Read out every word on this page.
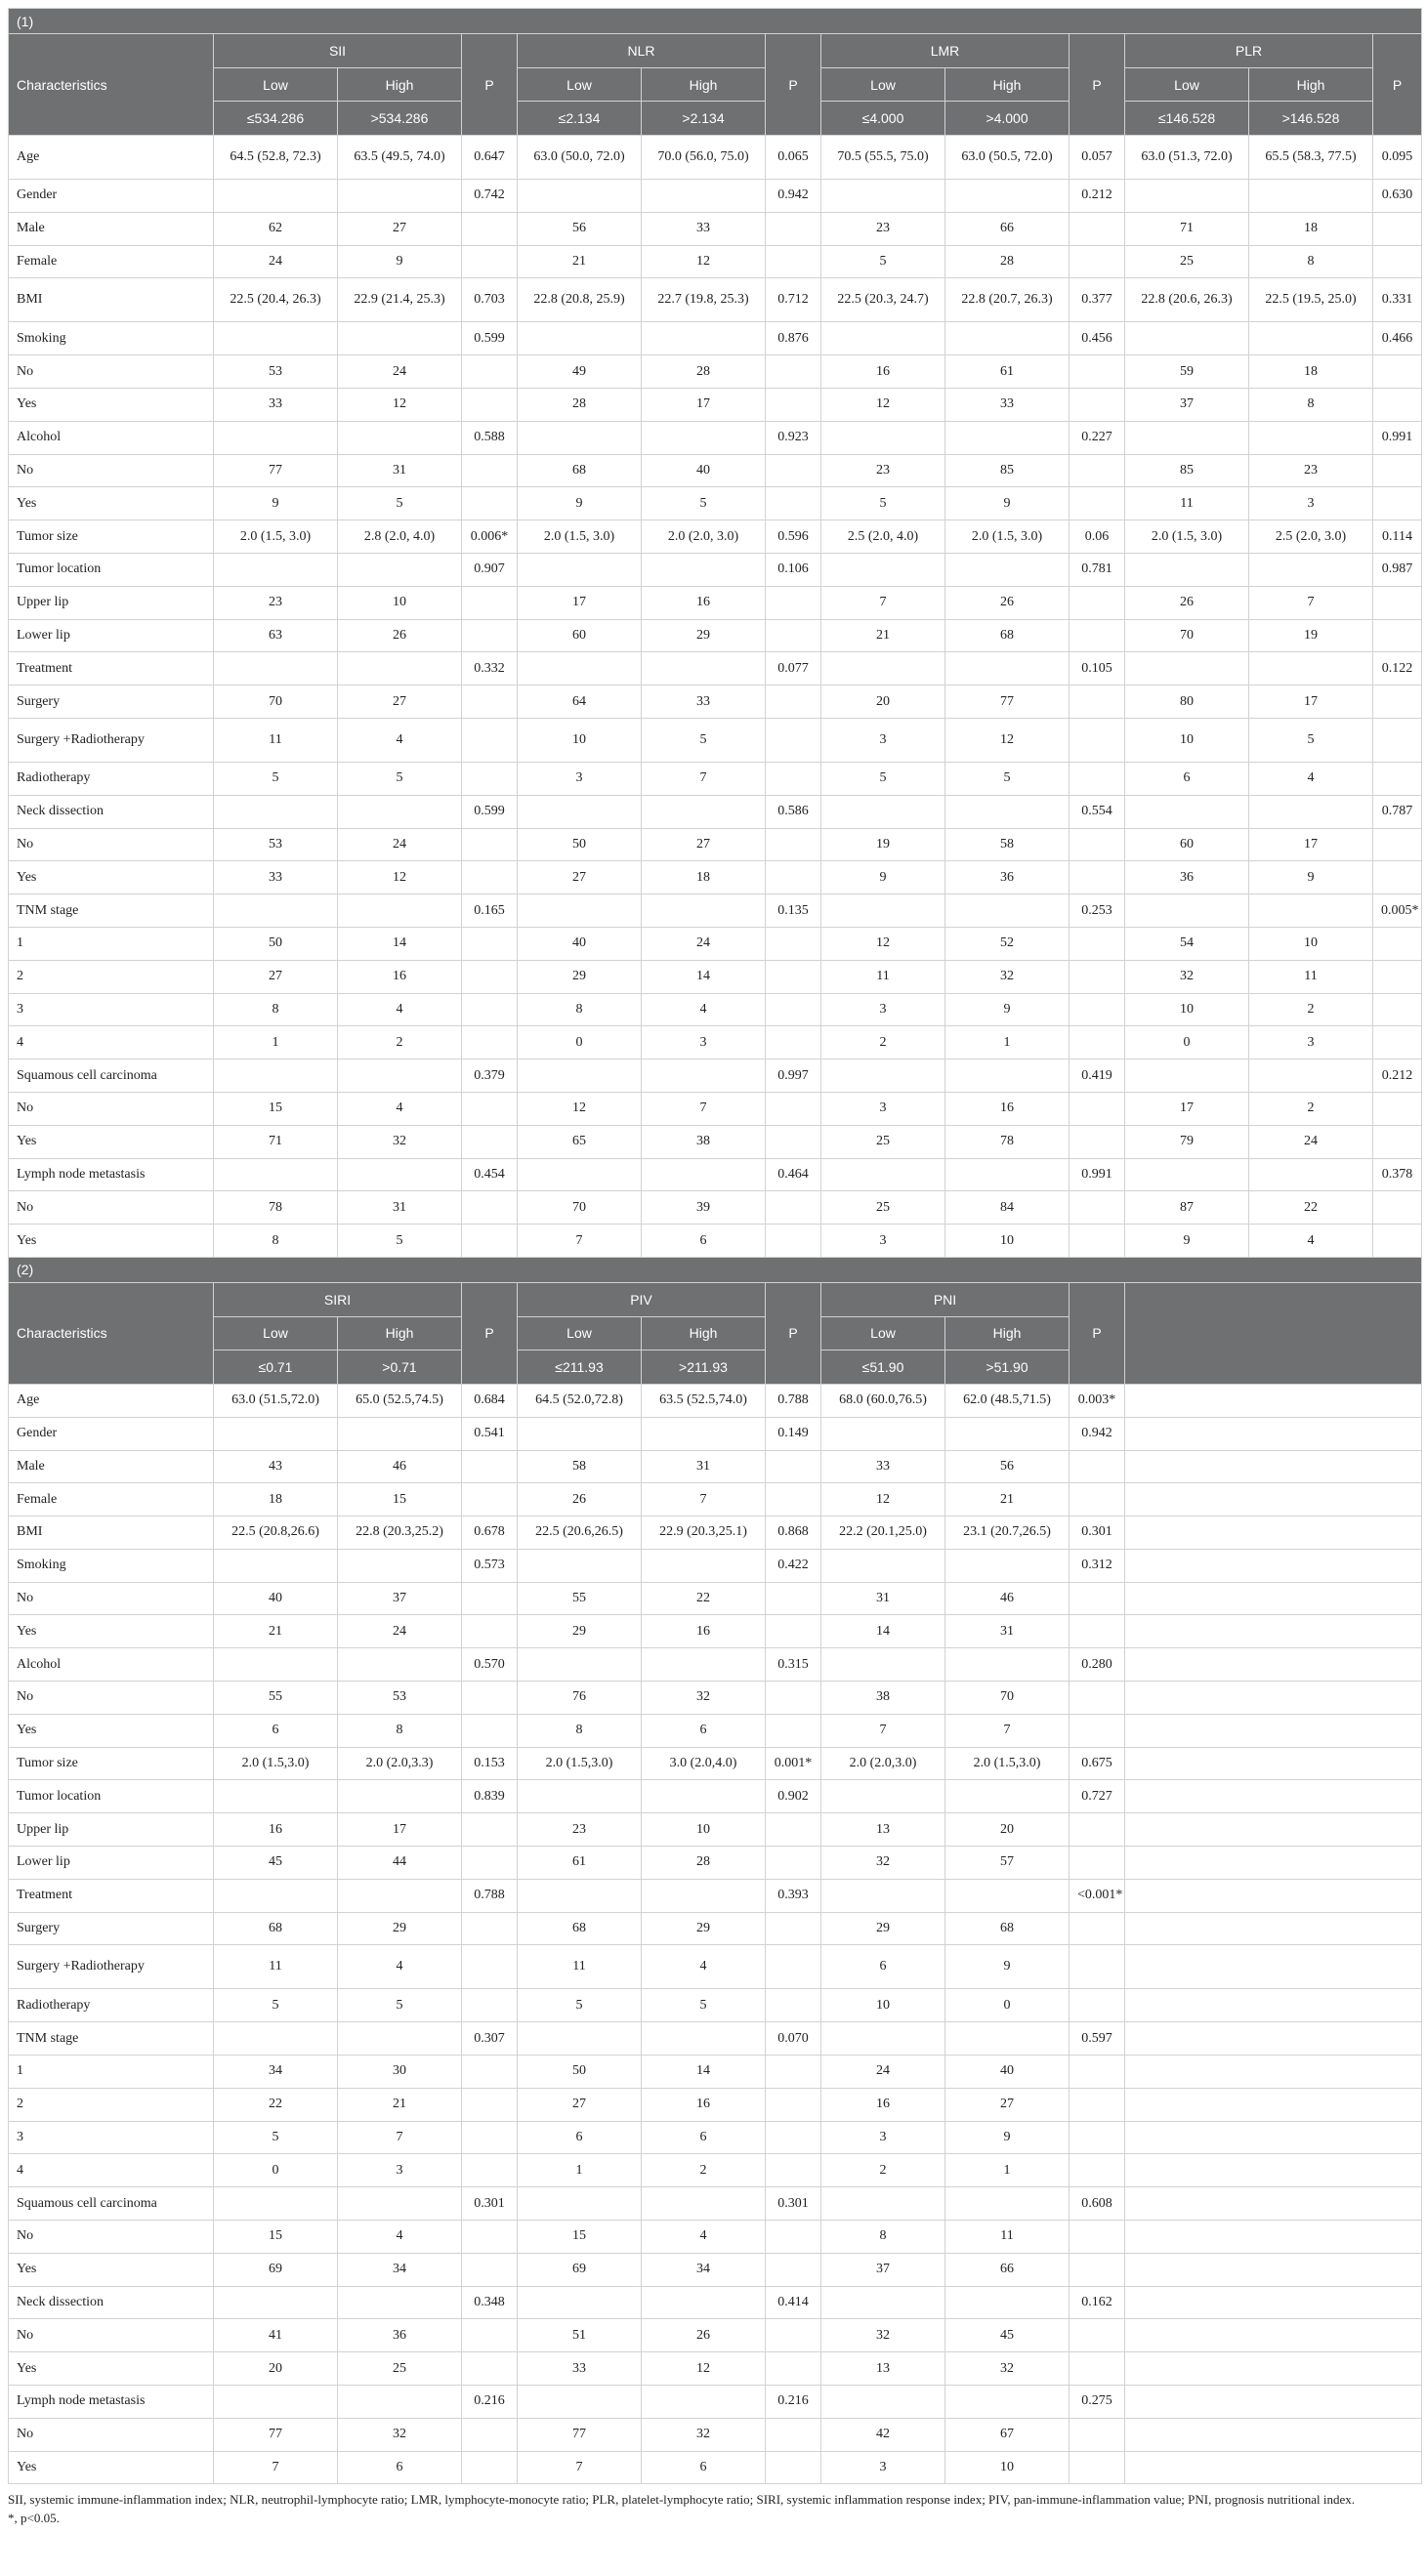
(1)												
Characteristics	SII		P	NLR		P	LMR		P	PLR		P
	Low	High		Low	High		Low	High		Low	High	
	≤534.286	>534.286		≤2.134	>2.134		≤4.000	>4.000		≤146.528	>146.528	
Age	64.5 (52.8, 72.3)	63.5 (49.5, 74.0)	0.647	63.0 (50.0, 72.0)	70.0 (56.0, 75.0)	0.065	70.5 (55.5, 75.0)	63.0 (50.5, 72.0)	0.057	63.0 (51.3, 72.0)	65.5 (58.3, 77.5)	0.095
Gender			0.742			0.942			0.212			0.630
Male	62	27		56	33		23	66		71	18	
Female	24	9		21	12		5	28		25	8	
BMI	22.5 (20.4, 26.3)	22.9 (21.4, 25.3)	0.703	22.8 (20.8, 25.9)	22.7 (19.8, 25.3)	0.712	22.5 (20.3, 24.7)	22.8 (20.7, 26.3)	0.377	22.8 (20.6, 26.3)	22.5 (19.5, 25.0)	0.331
Smoking			0.599			0.876			0.456			0.466
No	53	24		49	28		16	61		59	18	
Yes	33	12		28	17		12	33		37	8	
Alcohol			0.588			0.923			0.227			0.991
No	77	31		68	40		23	85		85	23	
Yes	9	5		9	5		5	9		11	3	
Tumor size	2.0 (1.5, 3.0)	2.8 (2.0, 4.0)	0.006*	2.0 (1.5, 3.0)	2.0 (2.0, 3.0)	0.596	2.5 (2.0, 4.0)	2.0 (1.5, 3.0)	0.06	2.0 (1.5, 3.0)	2.5 (2.0, 3.0)	0.114
Tumor location			0.907			0.106			0.781			0.987
Upper lip	23	10		17	16		7	26		26	7	
Lower lip	63	26		60	29		21	68		70	19	
Treatment			0.332			0.077			0.105			0.122
Surgery	70	27		64	33		20	77		80	17	
Surgery +Radiotherapy	11	4		10	5		3	12		10	5	
Radiotherapy	5	5		3	7		5	5		6	4	
Neck dissection			0.599			0.586			0.554			0.787
No	53	24		50	27		19	58		60	17	
Yes	33	12		27	18		9	36		36	9	
TNM stage			0.165			0.135			0.253			0.005*
1	50	14		40	24		12	52		54	10	
2	27	16		29	14		11	32		32	11	
3	8	4		8	4		3	9		10	2	
4	1	2		0	3		2	1		0	3	
Squamous cell carcinoma			0.379			0.997			0.419			0.212
No	15	4		12	7		3	16		17	2	
Yes	71	32		65	38		25	78		79	24	
Lymph node metastasis			0.454			0.464			0.991			0.378
No	78	31		70	39		25	84		87	22	
Yes	8	5		7	6		3	10		9	4	
(2)												
Characteristics	SIRI		P	PIV		P	PNI		P			
	Low	High		Low	High		Low	High				
	≤0.71	>0.71		≤211.93	>211.93		≤51.90	>51.90				
Age	63.0 (51.5,72.0)	65.0 (52.5,74.5)	0.684	64.5 (52.0,72.8)	63.5 (52.5,74.0)	0.788	68.0 (60.0,76.5)	62.0 (48.5,71.5)	0.003*			
Gender			0.541			0.149			0.942			
Male	43	46		58	31		33	56				
Female	18	15		26	7		12	21				
BMI	22.5 (20.8,26.6)	22.8 (20.3,25.2)	0.678	22.5 (20.6,26.5)	22.9 (20.3,25.1)	0.868	22.2 (20.1,25.0)	23.1 (20.7,26.5)	0.301			
Smoking			0.573			0.422			0.312			
No	40	37		55	22		31	46				
Yes	21	24		29	16		14	31				
Alcohol			0.570			0.315			0.280			
No	55	53		76	32		38	70				
Yes	6	8		8	6		7	7				
Tumor size	2.0 (1.5,3.0)	2.0 (2.0,3.3)	0.153	2.0 (1.5,3.0)	3.0 (2.0,4.0)	0.001*	2.0 (2.0,3.0)	2.0 (1.5,3.0)	0.675			
Tumor location			0.839			0.902			0.727			
Upper lip	16	17		23	10		13	20				
Lower lip	45	44		61	28		32	57				
Treatment			0.788			0.393			<0.001*			
Surgery	68	29		68	29		29	68				
Surgery +Radiotherapy	11	4		11	4		6	9				
Radiotherapy	5	5		5	5		10	0				
TNM stage			0.307			0.070			0.597			
1	34	30		50	14		24	40				
2	22	21		27	16		16	27				
3	5	7		6	6		3	9				
4	0	3		1	2		2	1				
Squamous cell carcinoma			0.301			0.301			0.608			
No	15	4		15	4		8	11				
Yes	69	34		69	34		37	66				
Neck dissection			0.348			0.414			0.162			
No	41	36		51	26		32	45				
Yes	20	25		33	12		13	32				
Lymph node metastasis			0.216			0.216			0.275			
No	77	32		77	32		42	67				
Yes	7	6		7	6		3	10				
SII, systemic immune-inflammation index; NLR, neutrophil-lymphocyte ratio; LMR, lymphocyte-monocyte ratio; PLR, platelet-lymphocyte ratio; SIRI, systemic inflammation response index; PIV, pan-immune-inflammation value; PNI, prognosis nutritional index.
*, p<0.05.
